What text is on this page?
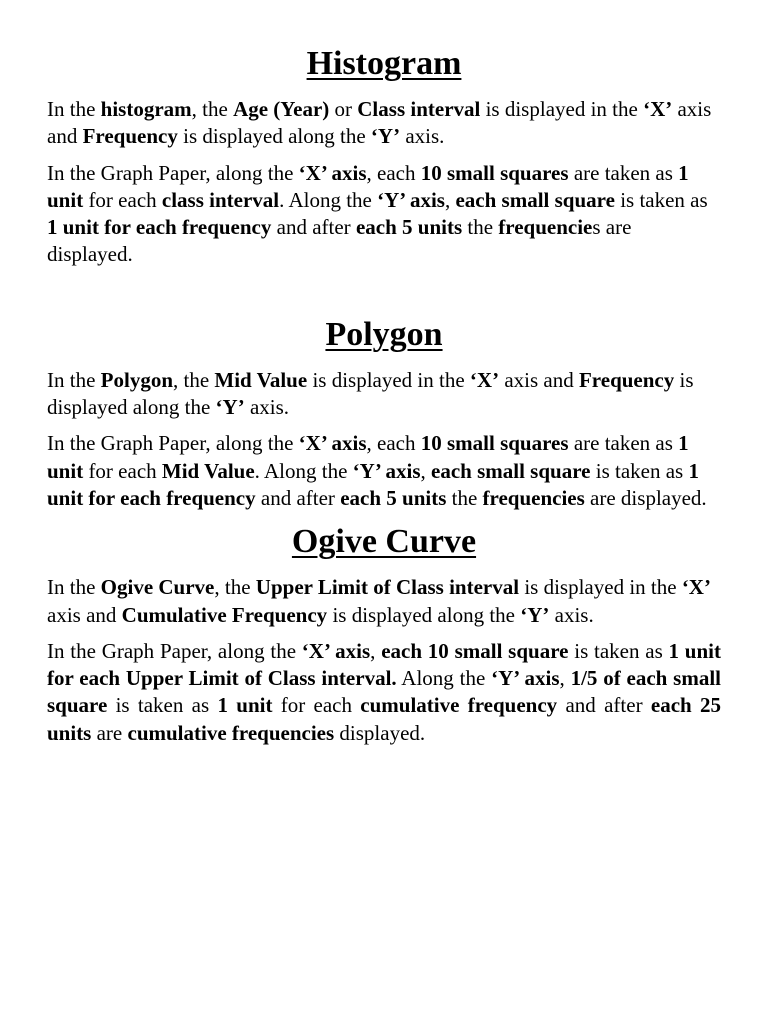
Histogram

In the histogram, the Age (Year) or Class interval is displayed in the ‘X’ axis and Frequency is displayed along the ‘Y’ axis.

In the Graph Paper, along the ‘X’ axis, each 10 small squares are taken as 1 unit for each class interval. Along the ‘Y’ axis, each small square is taken as 1 unit for each frequency and after each 5 units the frequencies are displayed.

Polygon

In the Polygon, the Mid Value is displayed in the ‘X’ axis and Frequency is displayed along the ‘Y’ axis.

In the Graph Paper, along the ‘X’ axis, each 10 small squares are taken as 1 unit for each Mid Value. Along the ‘Y’ axis, each small square is taken as 1 unit for each frequency and after each 5 units the frequencies are displayed.

Ogive Curve

In the Ogive Curve, the Upper Limit of Class interval is displayed in the ‘X’ axis and Cumulative Frequency is displayed along the ‘Y’ axis.

In the Graph Paper, along the ‘X’ axis, each 10 small square is taken as 1 unit for each Upper Limit of Class interval. Along the ‘Y’ axis, 1/5 of each small square is taken as 1 unit for each cumulative frequency and after each 25 units are cumulative frequencies displayed.
